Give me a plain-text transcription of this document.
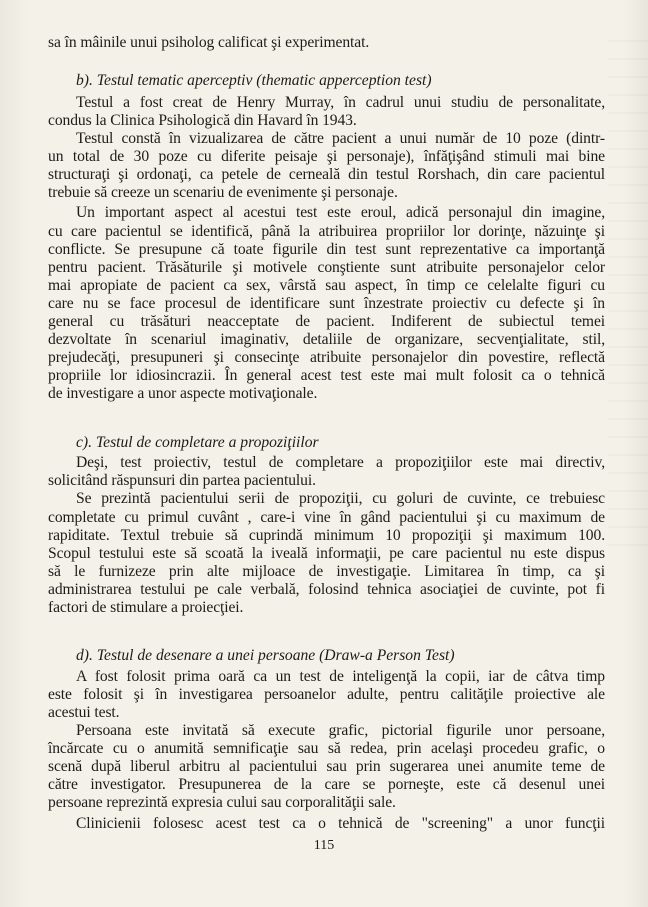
sa în mâinile unui psiholog calificat şi experimentat.
b). Testul tematic aperceptiv (thematic apperception test)
Testul a fost creat de Henry Murray, în cadrul unui studiu de personalitate,
condus la Clinica Psihologică din Havard în 1943.
Testul constă în vizualizarea de către pacient a unui număr de 10 poze (dintr-
un total de 30 poze cu diferite peisaje şi personaje), înfăţişând stimuli mai bine
structuraţi şi ordonaţi, ca petele de cerneală din testul Rorshach, din care pacientul
trebuie să creeze un scenariu de evenimente şi personaje.
Un important aspect al acestui test este eroul, adică personajul din imagine,
cu care pacientul se identifică, până la atribuirea propriilor lor dorinţe, năzuinţe şi
conflicte. Se presupune că toate figurile din test sunt reprezentative ca importanţă
pentru pacient. Trăsăturile şi motivele conştiente sunt atribuite personajelor celor
mai apropiate de pacient ca sex, vârstă sau aspect, în timp ce celelalte figuri cu
care nu se face procesul de identificare sunt înzestrate proiectiv cu defecte şi în
general cu trăsături neacceptate de pacient. Indiferent de subiectul temei
dezvoltate în scenariul imaginativ, detaliile de organizare, secvenţialitate, stil,
prejudecăţi, presupuneri şi consecinţe atribuite personajelor din povestire, reflectă
propriile lor idiosincrazii. În general acest test este mai mult folosit ca o tehnică
de investigare a unor aspecte motivaţionale.
c). Testul de completare a propoziţiilor
Deşi, test proiectiv, testul de completare a propoziţiilor este mai directiv,
solicitând răspunsuri din partea pacientului.
Se prezintă pacientului serii de propoziţii, cu goluri de cuvinte, ce trebuiesc
completate cu primul cuvânt , care-i vine în gând pacientului şi cu maximum de
rapiditate. Textul trebuie să cuprindă minimum 10 propoziţii şi maximum 100.
Scopul testului este să scoată la iveală informaţii, pe care pacientul nu este dispus
să le furnizeze prin alte mijloace de investigaţie. Limitarea în timp, ca şi
administrarea testului pe cale verbală, folosind tehnica asociaţiei de cuvinte, pot fi
factori de stimulare a proiecţiei.
d). Testul de desenare a unei persoane (Draw-a Person Test)
A fost folosit prima oară ca un test de inteligenţă la copii, iar de câtva timp
este folosit şi în investigarea persoanelor adulte, pentru calităţile proiective ale
acestui test.
Persoana este invitată să execute grafic, pictorial figurile unor persoane,
încărcate cu o anumită semnificaţie sau să redea, prin acelaşi procedeu grafic, o
scenă după liberul arbitru al pacientului sau prin sugerarea unei anumite teme de
către investigator. Presupunerea de la care se porneşte, este că desenul unei
persoane reprezintă expresia cului sau corporalităţii sale.
Clinicienii folosesc acest test ca o tehnică de "screening" a unor funcţii
115
